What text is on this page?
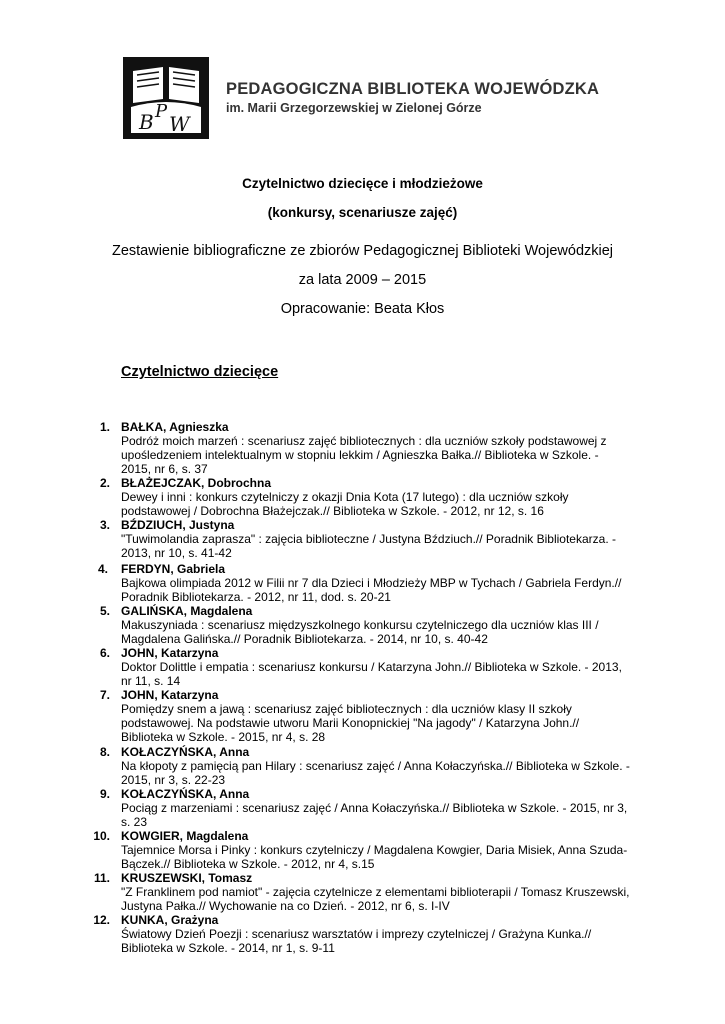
B P
W
PEDAGOGICZNA BIBLIOTEKA WOJEWÓDZKA
im. Marii Grzegorzewskiej w Zielonej Górze
Czytelnictwo dziecięce i młodzieżowe
(konkursy, scenariusze zajęć)
Zestawienie bibliograficzne ze zbiorów Pedagogicznej Biblioteki Wojewódzkiej
za lata 2009 – 2015
Opracowanie: Beata Kłos
Czytelnictwo dziecięce
1. BAŁKA, Agnieszka
Podróż moich marzeń : scenariusz zajęć bibliotecznych : dla uczniów szkoły podstawowej z
upośledzeniem intelektualnym w stopniu lekkim / Agnieszka Bałka.// Biblioteka w Szkole. -
2015, nr 6, s. 37
2. BŁAŻEJCZAK, Dobrochna
Dewey i inni : konkurs czytelniczy z okazji Dnia Kota (17 lutego) : dla uczniów szkoły
podstawowej / Dobrochna Błażejczak.// Biblioteka w Szkole. - 2012, nr 12, s. 16
3. BŹDZIUCH, Justyna
"Tuwimolandia zaprasza" : zajęcia biblioteczne / Justyna Bździuch.// Poradnik Bibliotekarza. -
2013, nr 10, s. 41-42
4. FERDYN, Gabriela
Bajkowa olimpiada 2012 w Filii nr 7 dla Dzieci i Młodzieży MBP w Tychach / Gabriela Ferdyn.//
Poradnik Bibliotekarza. - 2012, nr 11, dod. s. 20-21
5. GALIŃSKA, Magdalena
Makuszyniada : scenariusz międzyszkolnego konkursu czytelniczego dla uczniów klas III /
Magdalena Galińska.// Poradnik Bibliotekarza. - 2014, nr 10, s. 40-42
6. JOHN, Katarzyna
Doktor Dolittle i empatia : scenariusz konkursu / Katarzyna John.// Biblioteka w Szkole. - 2013,
nr 11, s. 14
7. JOHN, Katarzyna
Pomiędzy snem a jawą : scenariusz zajęć bibliotecznych : dla uczniów klasy II szkoły
podstawowej. Na podstawie utworu Marii Konopnickiej "Na jagody" / Katarzyna John.//
Biblioteka w Szkole. - 2015, nr 4, s. 28
8. KOŁACZYŃSKA, Anna
Na kłopoty z pamięcią pan Hilary : scenariusz zajęć / Anna Kołaczyńska.// Biblioteka w Szkole. -
2015, nr 3, s. 22-23
9. KOŁACZYŃSKA, Anna
Pociąg z marzeniami : scenariusz zajęć / Anna Kołaczyńska.// Biblioteka w Szkole. - 2015, nr 3,
s. 23
10. KOWGIER, Magdalena
Tajemnice Morsa i Pinky : konkurs czytelniczy / Magdalena Kowgier, Daria Misiek, Anna Szuda-
Bączek.// Biblioteka w Szkole. - 2012, nr 4, s.15
11. KRUSZEWSKI, Tomasz
"Z Franklinem pod namiot" - zajęcia czytelnicze z elementami biblioterapii / Tomasz Kruszewski,
Justyna Pałka.// Wychowanie na co Dzień. - 2012, nr 6, s. I-IV
12. KUNKA, Grażyna
Światowy Dzień Poezji : scenariusz warsztatów i imprezy czytelniczej / Grażyna Kunka.//
Biblioteka w Szkole. - 2014, nr 1, s. 9-11
